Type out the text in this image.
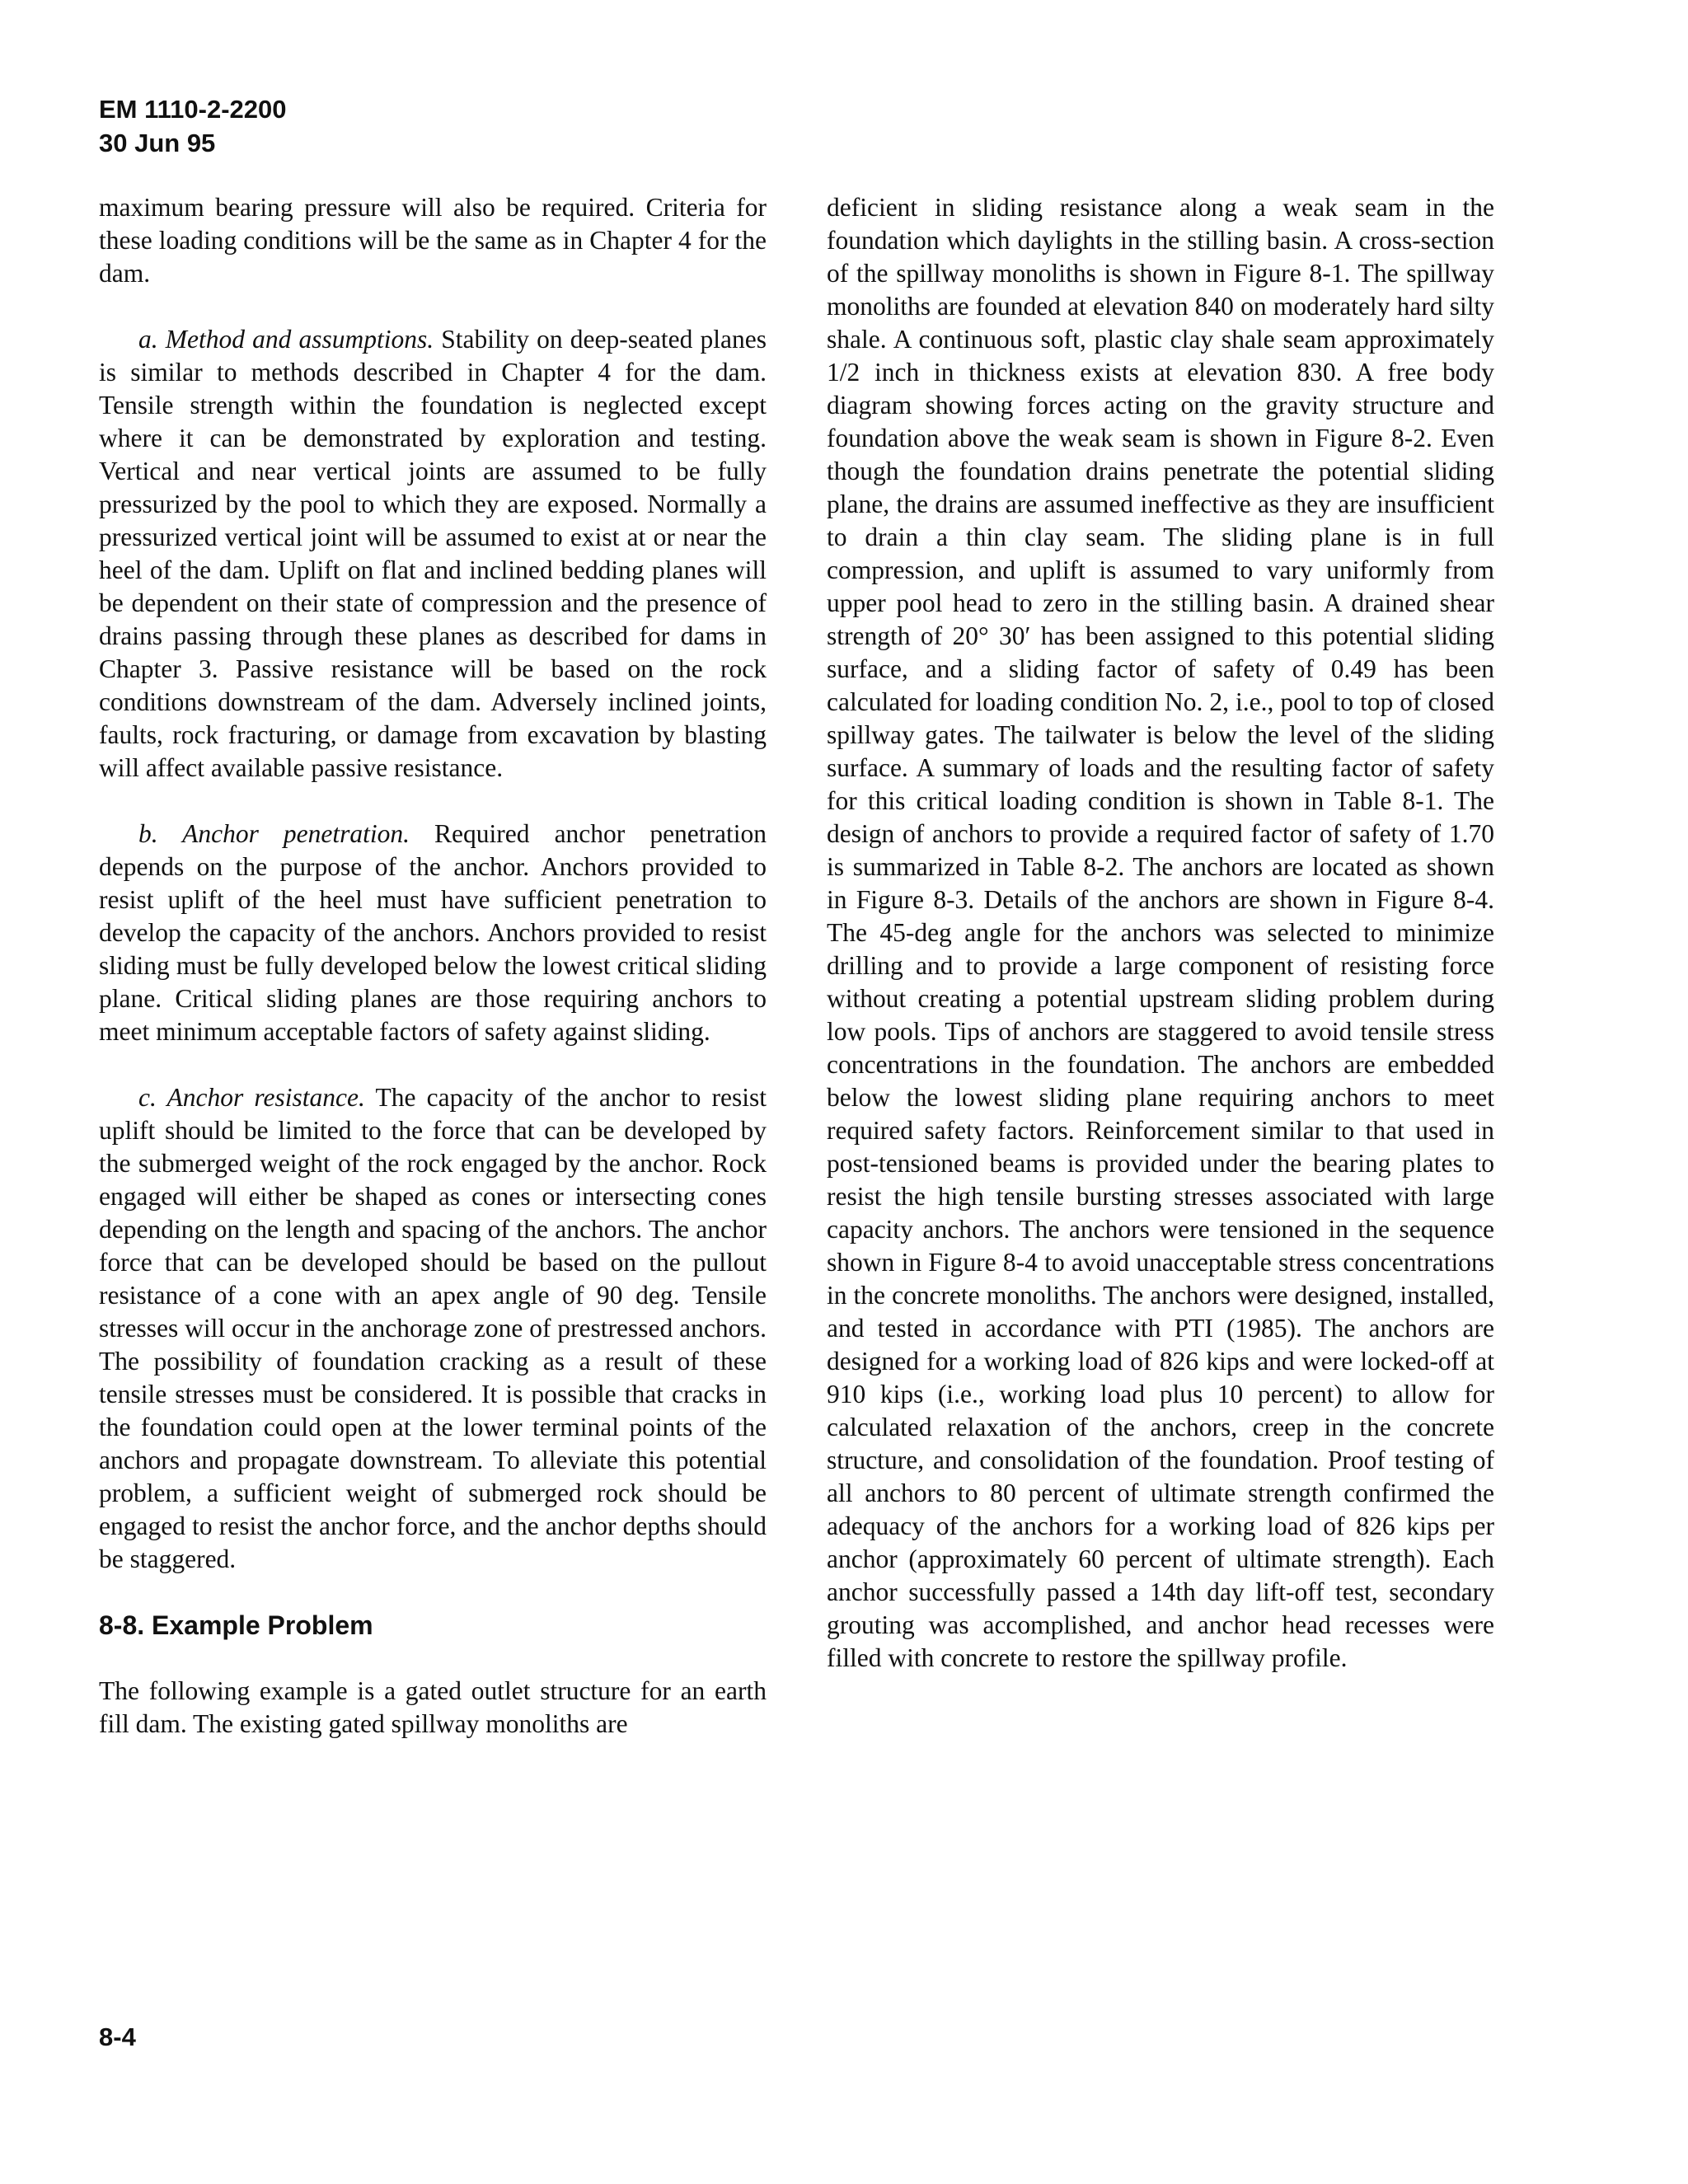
EM 1110-2-2200
30 Jun 95

maximum bearing pressure will also be required. Criteria for these loading conditions will be the same as in Chapter 4 for the dam.

a. Method and assumptions. Stability on deep-seated planes is similar to methods described in Chapter 4 for the dam. Tensile strength within the foundation is neglected except where it can be demonstrated by exploration and testing. Vertical and near vertical joints are assumed to be fully pressurized by the pool to which they are exposed. Normally a pressurized vertical joint will be assumed to exist at or near the heel of the dam. Uplift on flat and inclined bedding planes will be dependent on their state of compression and the presence of drains passing through these planes as described for dams in Chapter 3. Passive resistance will be based on the rock conditions downstream of the dam. Adversely inclined joints, faults, rock fracturing, or damage from excavation by blasting will affect available passive resistance.

b. Anchor penetration. Required anchor penetration depends on the purpose of the anchor. Anchors provided to resist uplift of the heel must have sufficient penetration to develop the capacity of the anchors. Anchors provided to resist sliding must be fully developed below the lowest critical sliding plane. Critical sliding planes are those requiring anchors to meet minimum acceptable factors of safety against sliding.

c. Anchor resistance. The capacity of the anchor to resist uplift should be limited to the force that can be developed by the submerged weight of the rock engaged by the anchor. Rock engaged will either be shaped as cones or intersecting cones depending on the length and spacing of the anchors. The anchor force that can be developed should be based on the pullout resistance of a cone with an apex angle of 90 deg. Tensile stresses will occur in the anchorage zone of prestressed anchors. The possibility of foundation cracking as a result of these tensile stresses must be considered. It is possible that cracks in the foundation could open at the lower terminal points of the anchors and propagate downstream. To alleviate this potential problem, a sufficient weight of submerged rock should be engaged to resist the anchor force, and the anchor depths should be staggered.

8-8. Example Problem

The following example is a gated outlet structure for an earth fill dam. The existing gated spillway monoliths are

deficient in sliding resistance along a weak seam in the foundation which daylights in the stilling basin. A cross-section of the spillway monoliths is shown in Figure 8-1. The spillway monoliths are founded at elevation 840 on moderately hard silty shale. A continuous soft, plastic clay shale seam approximately 1/2 inch in thickness exists at elevation 830. A free body diagram showing forces acting on the gravity structure and foundation above the weak seam is shown in Figure 8-2. Even though the foundation drains penetrate the potential sliding plane, the drains are assumed ineffective as they are insufficient to drain a thin clay seam. The sliding plane is in full compression, and uplift is assumed to vary uniformly from upper pool head to zero in the stilling basin. A drained shear strength of 20° 30′ has been assigned to this potential sliding surface, and a sliding factor of safety of 0.49 has been calculated for loading condition No. 2, i.e., pool to top of closed spillway gates. The tailwater is below the level of the sliding surface. A summary of loads and the resulting factor of safety for this critical loading condition is shown in Table 8-1. The design of anchors to provide a required factor of safety of 1.70 is summarized in Table 8-2. The anchors are located as shown in Figure 8-3. Details of the anchors are shown in Figure 8-4. The 45-deg angle for the anchors was selected to minimize drilling and to provide a large component of resisting force without creating a potential upstream sliding problem during low pools. Tips of anchors are staggered to avoid tensile stress concentrations in the foundation. The anchors are embedded below the lowest sliding plane requiring anchors to meet required safety factors. Reinforcement similar to that used in post-tensioned beams is provided under the bearing plates to resist the high tensile bursting stresses associated with large capacity anchors. The anchors were tensioned in the sequence shown in Figure 8-4 to avoid unacceptable stress concentrations in the concrete monoliths. The anchors were designed, installed, and tested in accordance with PTI (1985). The anchors are designed for a working load of 826 kips and were locked-off at 910 kips (i.e., working load plus 10 percent) to allow for calculated relaxation of the anchors, creep in the concrete structure, and consolidation of the foundation. Proof testing of all anchors to 80 percent of ultimate strength confirmed the adequacy of the anchors for a working load of 826 kips per anchor (approximately 60 percent of ultimate strength). Each anchor successfully passed a 14th day lift-off test, secondary grouting was accomplished, and anchor head recesses were filled with concrete to restore the spillway profile.

8-4
